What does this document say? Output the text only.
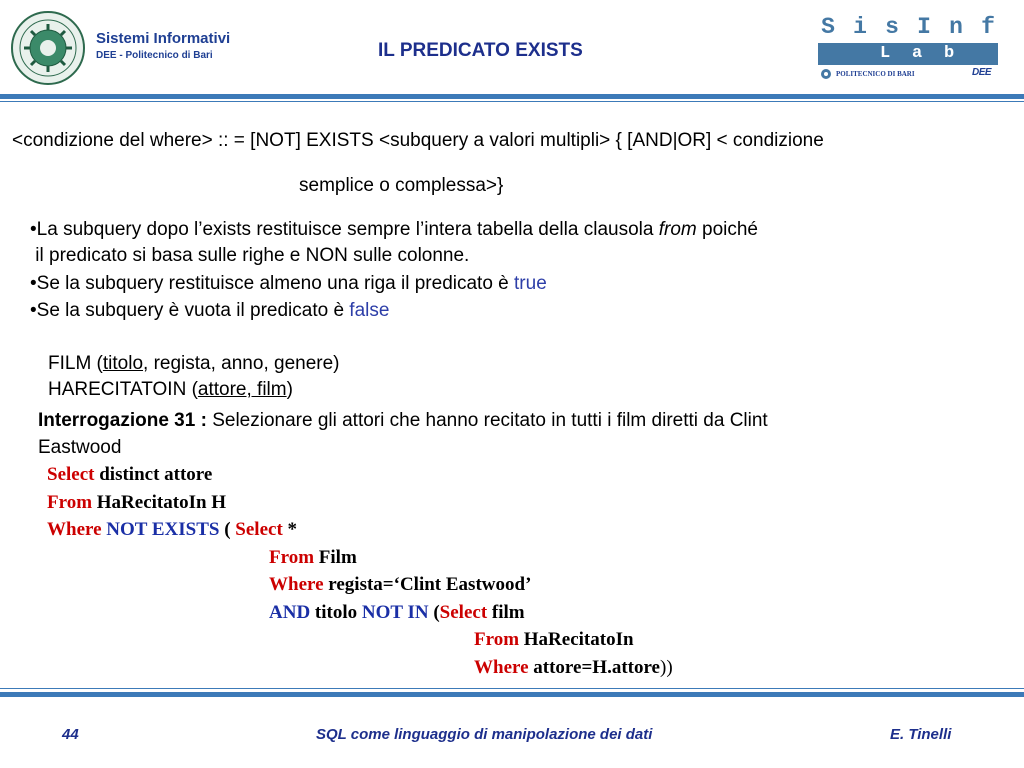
Sistemi Informativi
DEE - Politecnico di Bari	IL PREDICATO EXISTS
S i s I n f
L a b
POLITECNICO DI BARI	DEE
<condizione del where> :: = [NOT] EXISTS <subquery a valori multipli> { [AND|OR] < condizione
semplice o complessa>}
•La subquery dopo l’exists restituisce sempre l’intera tabella della clausola from poiché
il predicato si basa sulle righe e NON sulle colonne.
•Se la subquery restituisce almeno una riga il predicato è true
•Se la subquery è vuota il predicato è false
FILM (titolo, regista, anno, genere)
HARECITATOIN (attore, film)
Interrogazione 31 : Selezionare gli attori che hanno recitato in tutti i film diretti da Clint
Eastwood
Select distinct attore
From HaRecitatoIn H
Where NOT EXISTS ( Select *
From Film
Where regista=‘Clint Eastwood’
AND titolo NOT IN (Select film
From HaRecitatoIn
Where attore=H.attore))
44	SQL come linguaggio di manipolazione dei dati	E. Tinelli
